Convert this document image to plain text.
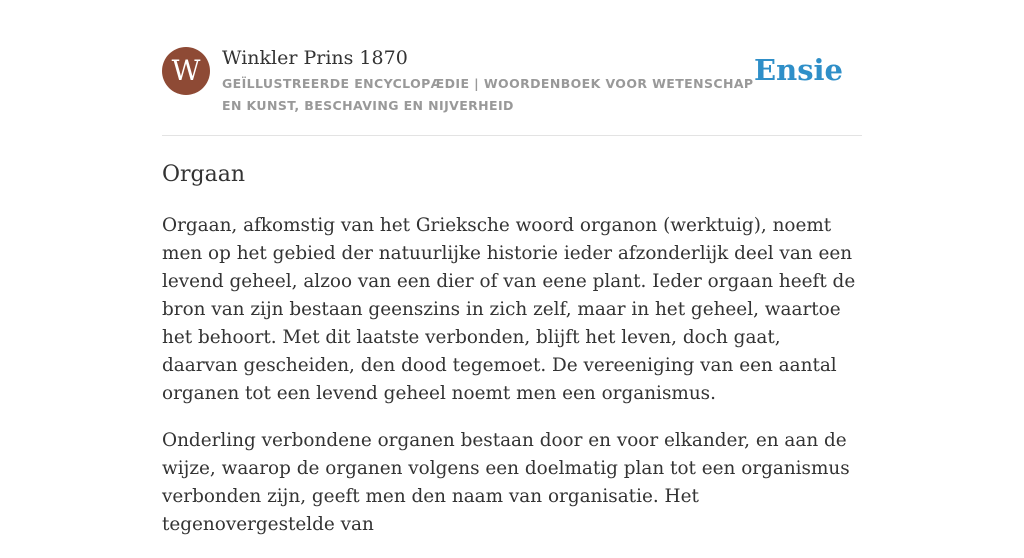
W	Winkler Prins 1870
GEÏLLUSTREERDE ENCYCLOPÆDIE | WOORDENBOEK VOOR WETENSCHAP EN KUNST, BESCHAVING EN NIJVERHEID
Ensie
Orgaan

Orgaan, afkomstig van het Grieksche woord organon (werktuig), noemt men op het gebied der natuurlijke historie ieder afzonderlijk deel van een levend geheel, alzoo van een dier of van eene plant. Ieder orgaan heeft de bron van zijn bestaan geenszins in zich zelf, maar in het geheel, waartoe het behoort. Met dit laatste verbonden, blijft het leven, doch gaat, daarvan gescheiden, den dood tegemoet. De vereeniging van een aantal organen tot een levend geheel noemt men een organismus.

Onderling verbondene organen bestaan door en voor elkander, en aan de wijze, waarop de organen volgens een doelmatig plan tot een organismus verbonden zijn, geeft men den naam van organisatie. Het tegenovergestelde van
